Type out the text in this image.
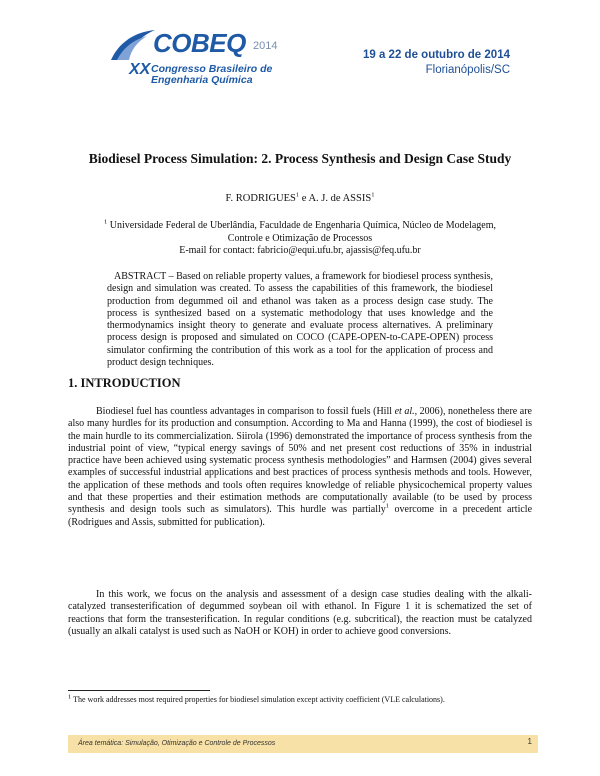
COBEQ 2014
XX Congresso Brasileiro de
Engenharia Química
19 a 22 de outubro de 2014
Florianópolis/SC
Biodiesel Process Simulation: 2. Process Synthesis and Design Case Study
F. RODRIGUES$^1$ e A. J. de ASSIS$^1$
$^1$ Universidade Federal de Uberlândia, Faculdade de Engenharia Química, Núcleo de Modelagem,
Controle e Otimização de Processos
E-mail for contact: fabricio@equi.ufu.br, ajassis@feq.ufu.br

ABSTRACT – Based on reliable property values, a framework for biodiesel process synthesis, design and simulation was created. To assess the capabilities of this framework, the biodiesel production from degummed oil and ethanol was taken as a process design case study. The process is synthesized based on a systematic methodology that uses knowledge and the thermodynamics insight theory to generate and evaluate process alternatives. A preliminary process design is proposed and simulated on COCO (CAPE-OPEN-to-CAPE-OPEN) process simulator confirming the contribution of this work as a tool for the application of process and product design techniques.

1. INTRODUCTION

Biodiesel fuel has countless advantages in comparison to fossil fuels (Hill et al., 2006), nonetheless there are also many hurdles for its production and consumption. According to Ma and Hanna (1999), the cost of biodiesel is the main hurdle to its commercialization. Siirola (1996) demonstrated the importance of process synthesis from the industrial point of view, “typical energy savings of 50% and net present cost reductions of 35% in industrial practice have been achieved using systematic process synthesis methodologies” and Harmsen (2004) gives several examples of successful industrial applications and best practices of process synthesis methods and tools. However, the application of these methods and tools often requires knowledge of reliable physicochemical property values and that these properties and their estimation methods are computationally available (to be used by process synthesis and design tools such as simulators). This hurdle was partially$^1$ overcome in a precedent article (Rodrigues and Assis, submitted for publication).

In this work, we focus on the analysis and assessment of a design case studies dealing with the alkali-catalyzed transesterification of degummed soybean oil with ethanol. In Figure 1 it is schematized the set of reactions that form the transesterification. In regular conditions (e.g. subcritical), the reaction must be catalyzed (usually an alkali catalyst is used such as NaOH or KOH) in order to achieve good conversions.

$^1$ The work addresses most required properties for biodiesel simulation except activity coefficient (VLE calculations).
Área temática: Simulação, Otimização e Controle de Processos	1
